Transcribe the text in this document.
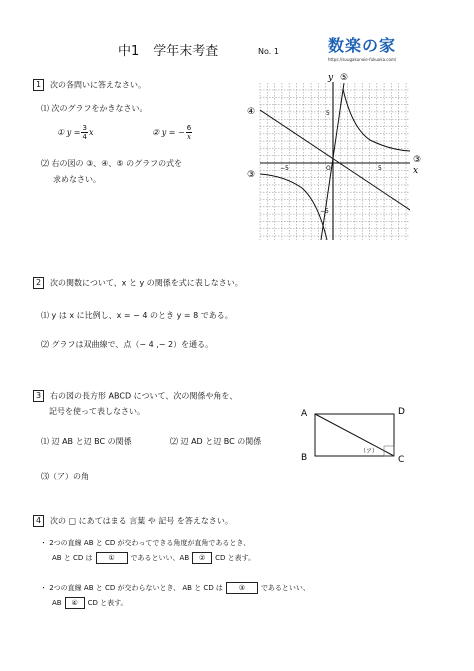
中1 学年末考査	No. 1	数楽の家
https://suugakunoie-fukuoka.com/
1 次の各問いに答えなさい。
⑴ 次のグラフをかきなさい。
① $y = \frac{3}{4}$ x	② y = − $\frac{6}{x}$
⑵ 右の図の ③、④、⑤ のグラフの式を
求めなさい。
y ⑤
③
x
④
③
5
−5
−5	5
O
2 次の関数について、x と y の関係を式に表しなさい。
⑴ y は x に比例し、x = − 4 のとき y = 8 である。
⑵ グラフは双曲線で、点（− 4 ,− 2）を通る。
3 右の図の長方形 ABCD について、次の関係や角を、
記号を使って表しなさい。
⑴ 辺 AB と辺 BC の関係	⑵ 辺 AD と辺 BC の関係
⑶（ア）の角
A	D
B	C
（ア）
4 次の □ にあてはまる 言葉 や 記号 を答えなさい。
・ 2つの直線 AB と CD が交わってできる角度が直角であるとき、
AB と CD は	①	であるといい、AB	②	CD と表す。
・ 2つの直線 AB と CD が交わらないとき、 AB と CD は	③	であるといい、
AB	④	CD と表す。
